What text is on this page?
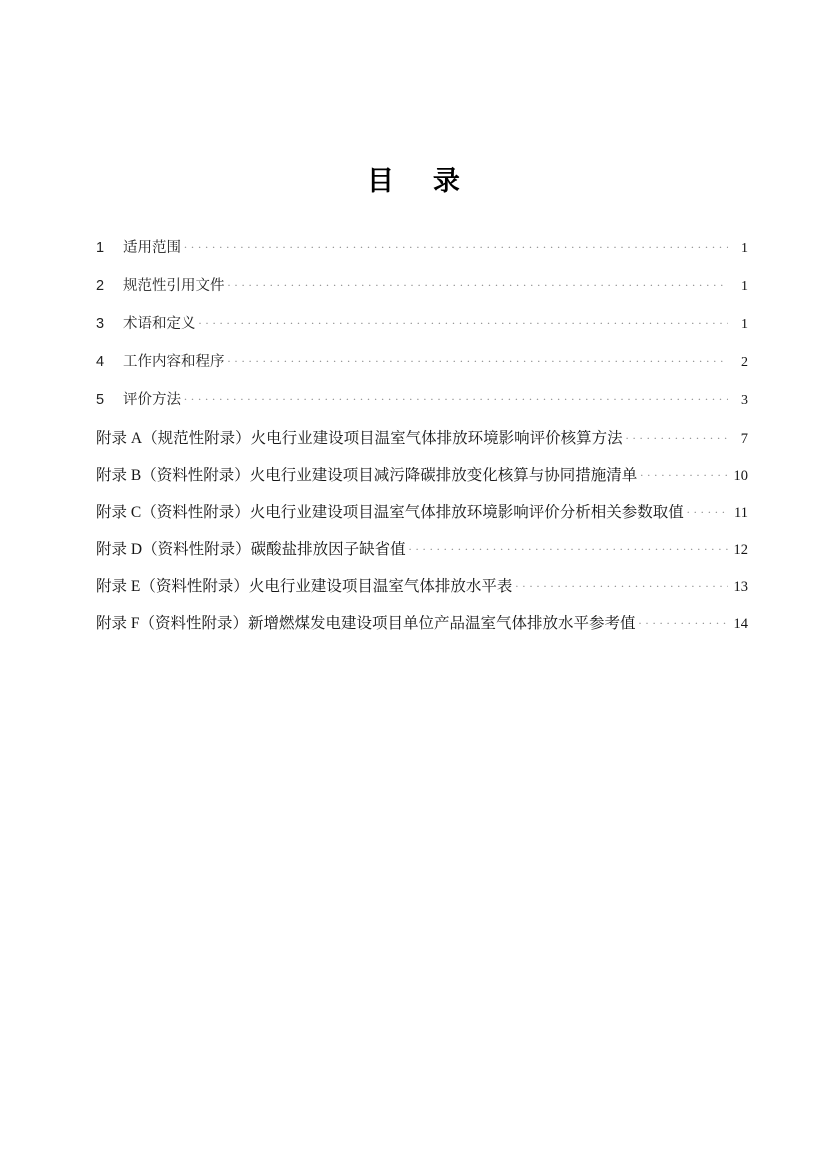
目　录
1	适用范围 . . .	1
2	规范性引用文件 . . .	1
3	术语和定义 . . .	1
4	工作内容和程序 . . .	2
5	评价方法 . . .	3
附录 A（规范性附录）火电行业建设项目温室气体排放环境影响评价核算方法 . . .	7
附录 B（资料性附录）火电行业建设项目减污降碳排放变化核算与协同措施清单 . . .	10
附录 C（资料性附录）火电行业建设项目温室气体排放环境影响评价分析相关参数取值 . . .	11
附录 D（资料性附录）碳酸盐排放因子缺省值 . . .	12
附录 E（资料性附录）火电行业建设项目温室气体排放水平表 . . .	13
附录 F（资料性附录）新增燃煤发电建设项目单位产品温室气体排放水平参考值 . . .	14
